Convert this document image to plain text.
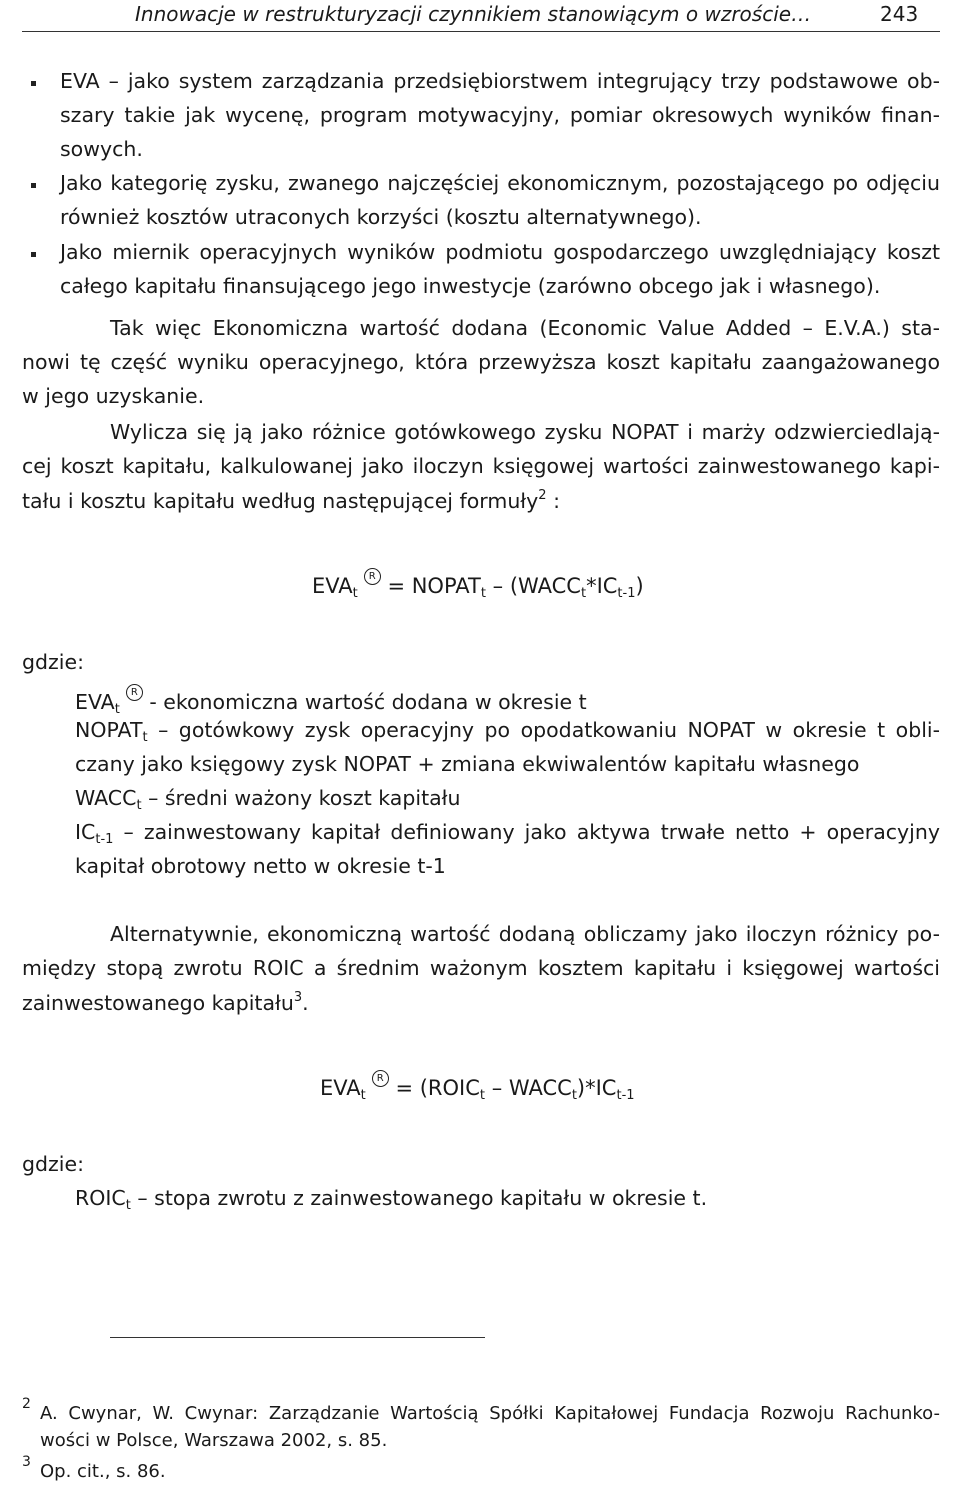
Innowacje w restrukturyzacji czynnikiem stanowiącym o wzroście…	243
EVA – jako system zarządzania przedsiębiorstwem integrujący trzy podstawowe ob-
szary takie jak wycenę, program motywacyjny, pomiar okresowych wyników finan-
sowych.
Jako kategorię zysku, zwanego najczęściej ekonomicznym, pozostającego po odjęciu
również kosztów utraconych korzyści (kosztu alternatywnego).
Jako miernik operacyjnych wyników podmiotu gospodarczego uwzględniający koszt
całego kapitału finansującego jego inwestycje (zarówno obcego jak i własnego).
Tak więc Ekonomiczna wartość dodana (Economic Value Added – E.V.A.) sta-
nowi tę część wyniku operacyjnego, która przewyższa koszt kapitału zaangażowanego
w jego uzyskanie.
Wylicza się ją jako różnice gotówkowego zysku NOPAT i marży odzwierciedlają-
cej koszt kapitału, kalkulowanej jako iloczyn księgowej wartości zainwestowanego kapi-
tału i kosztu kapitału według następującej formuły$^2$ :
$EVA_tR$ = $NOPAT_t$ – $(WACC_t*IC_{t-1})$
gdzie:
$EVA_tR$ - ekonomiczna wartość dodana w okresie t
$NOPAT_t$ – gotówkowy zysk operacyjny po opodatkowaniu NOPAT w okresie t obli-
czany jako księgowy zysk NOPAT + zmiana ekwiwalentów kapitału własnego
$WACC_t$ – średni ważony koszt kapitału
$IC_{t-1}$ – zainwestowany kapitał definiowany jako aktywa trwałe netto + operacyjny
kapitał obrotowy netto w okresie t-1
Alternatywnie, ekonomiczną wartość dodaną obliczamy jako iloczyn różnicy po-
między stopą zwrotu ROIC a średnim ważonym kosztem kapitału i księgowej wartości
zainwestowanego kapitału$^3$.
$EVA_tR$ = ($ROIC_t$ – $WACC_t)*IC_{t-1}$
gdzie:
$ROIC_t$ – stopa zwrotu z zainwestowanego kapitału w okresie t.
2 A. Cwynar, W. Cwynar: Zarządzanie Wartością Spółki Kapitałowej Fundacja Rozwoju Rachunko-
wości w Polsce, Warszawa 2002, s. 85.
3 Op. cit., s. 86.
